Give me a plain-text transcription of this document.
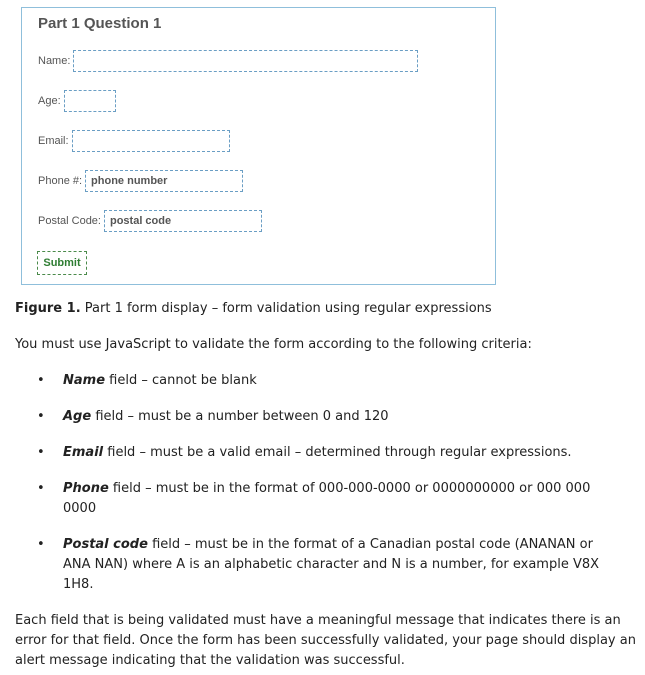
Part 1 Question 1
Name:
Age:
Email:
Phone #: phone number
Postal Code: postal code
Submit
Figure 1. Part 1 form display – form validation using regular expressions
You must use JavaScript to validate the form according to the following criteria:
• Name field – cannot be blank
• Age field – must be a number between 0 and 120
• Email field – must be a valid email – determined through regular expressions.
• Phone field – must be in the format of 000-000-0000 or 0000000000 or 000 000 0000
• Postal code field – must be in the format of a Canadian postal code (ANANAN or ANA NAN) where A is an alphabetic character and N is a number, for example V8X 1H8.
Each field that is being validated must have a meaningful message that indicates there is an error for that field. Once the form has been successfully validated, your page should display an alert message indicating that the validation was successful.
